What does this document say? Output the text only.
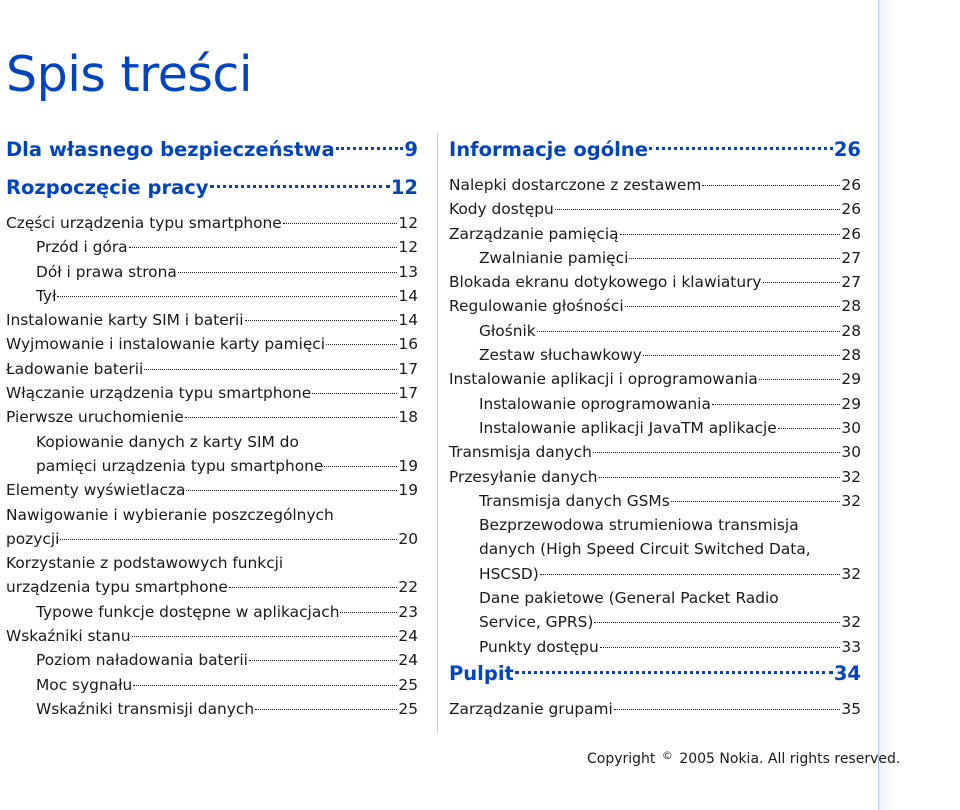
Spis treści
Dla własnego bezpieczeństwa	9
Rozpoczęcie pracy	12
Części urządzenia typu smartphone	12
Przód i góra	12
Dół i prawa strona	13
Tył	14
Instalowanie karty SIM i baterii	14
Wyjmowanie i instalowanie karty pamięci	16
Ładowanie baterii	17
Włączanie urządzenia typu smartphone	17
Pierwsze uruchomienie	18
Kopiowanie danych z karty SIM do
pamięci urządzenia typu smartphone	19
Elementy wyświetlacza	19
Nawigowanie i wybieranie poszczególnych
pozycji	20
Korzystanie z podstawowych funkcji
urządzenia typu smartphone	22
Typowe funkcje dostępne w aplikacjach	23
Wskaźniki stanu	24
Poziom naładowania baterii	24
Moc sygnału	25
Wskaźniki transmisji danych	25
Informacje ogólne	26
Nalepki dostarczone z zestawem	26
Kody dostępu	26
Zarządzanie pamięcią	26
Zwalnianie pamięci	27
Blokada ekranu dotykowego i klawiatury	27
Regulowanie głośności	28
Głośnik	28
Zestaw słuchawkowy	28
Instalowanie aplikacji i oprogramowania	29
Instalowanie oprogramowania	29
Instalowanie aplikacji JavaTM aplikacje	30
Transmisja danych	30
Przesyłanie danych	32
Transmisja danych GSMs	32
Bezprzewodowa strumieniowa transmisja
danych (High Speed Circuit Switched Data,
HSCSD)	32
Dane pakietowe (General Packet Radio
Service, GPRS)	32
Punkty dostępu	33
Pulpit	34
Zarządzanie grupami	35
Copyright © 2005 Nokia. All rights reserved.
